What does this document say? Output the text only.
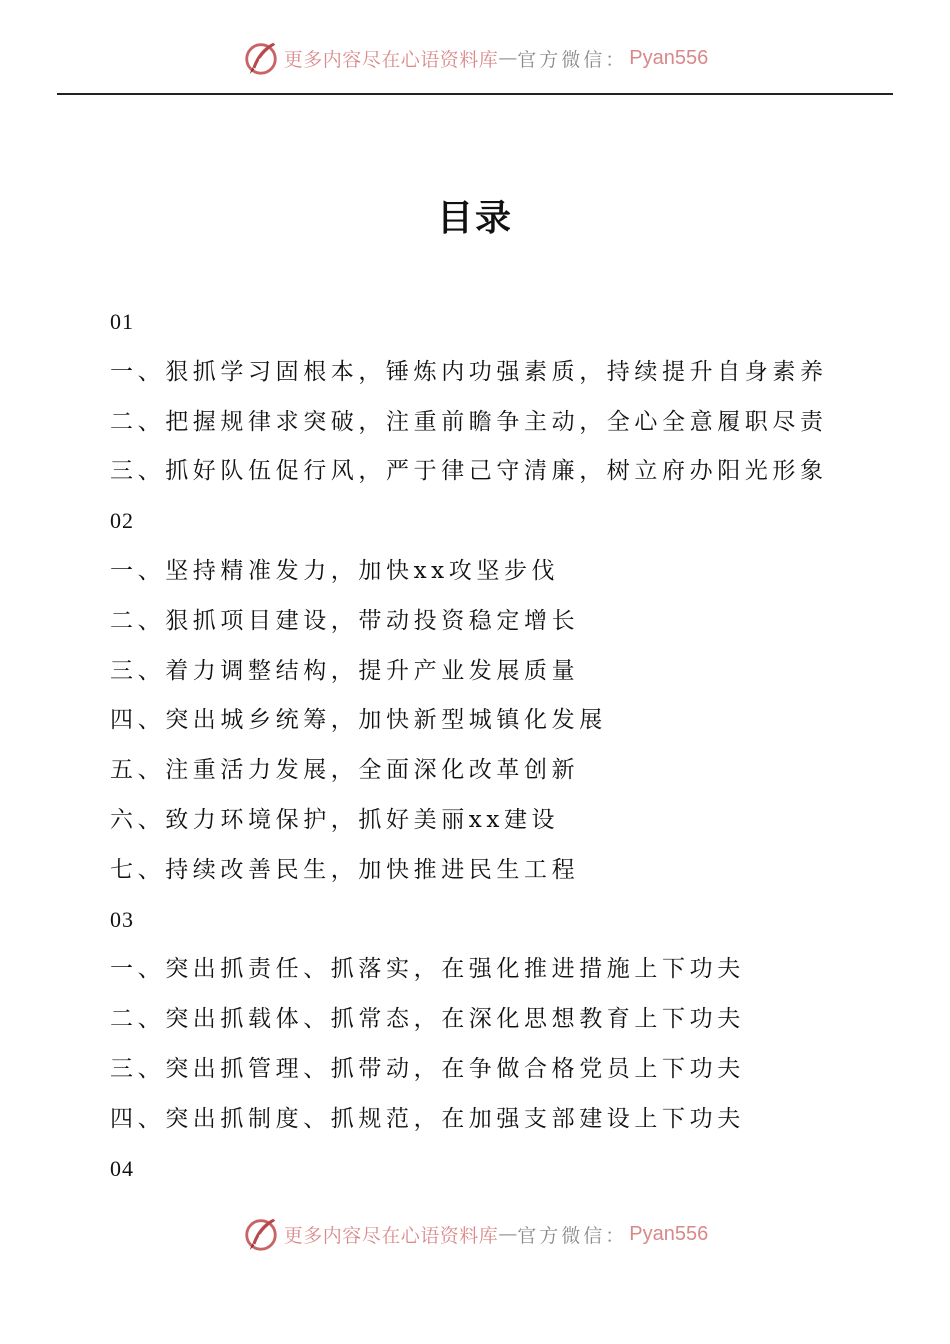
更多内容尽在心语资料库 — 官方微信： Pyan556
目录
01
一、狠抓学习固根本，锤炼内功强素质，持续提升自身素养
二、把握规律求突破，注重前瞻争主动，全心全意履职尽责
三、抓好队伍促行风，严于律己守清廉，树立府办阳光形象
02
一、坚持精准发力，加快xx攻坚步伐
二、狠抓项目建设，带动投资稳定增长
三、着力调整结构，提升产业发展质量
四、突出城乡统筹，加快新型城镇化发展
五、注重活力发展，全面深化改革创新
六、致力环境保护，抓好美丽xx建设
七、持续改善民生，加快推进民生工程
03
一、突出抓责任、抓落实，在强化推进措施上下功夫
二、突出抓载体、抓常态，在深化思想教育上下功夫
三、突出抓管理、抓带动，在争做合格党员上下功夫
四、突出抓制度、抓规范，在加强支部建设上下功夫
04
更多内容尽在心语资料库 — 官方微信： Pyan556
